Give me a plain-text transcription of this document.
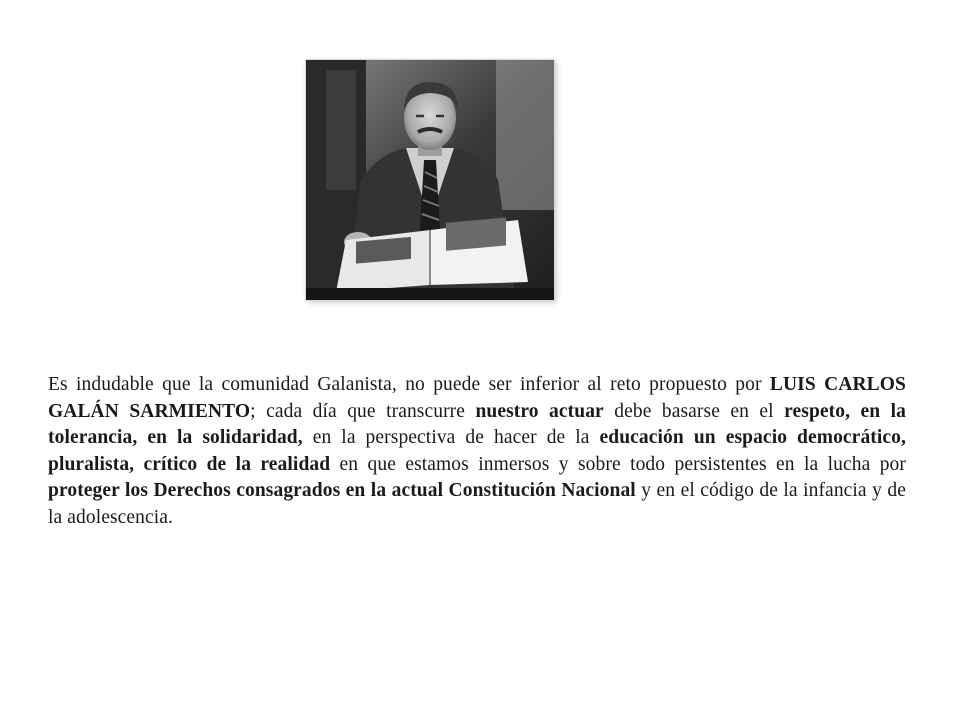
Es indudable que la comunidad Galanista, no puede ser inferior al reto propuesto por LUIS CARLOS GALÁN SARMIENTO; cada día que transcurre nuestro actuar debe basarse en el respeto, en la tolerancia, en la solidaridad, en la perspectiva de hacer de la educación un espacio democrático, pluralista, crítico de la realidad en que estamos inmersos y sobre todo persistentes en la lucha por proteger los Derechos consagrados en la actual Constitución Nacional y en el código de la infancia y de la adolescencia.
